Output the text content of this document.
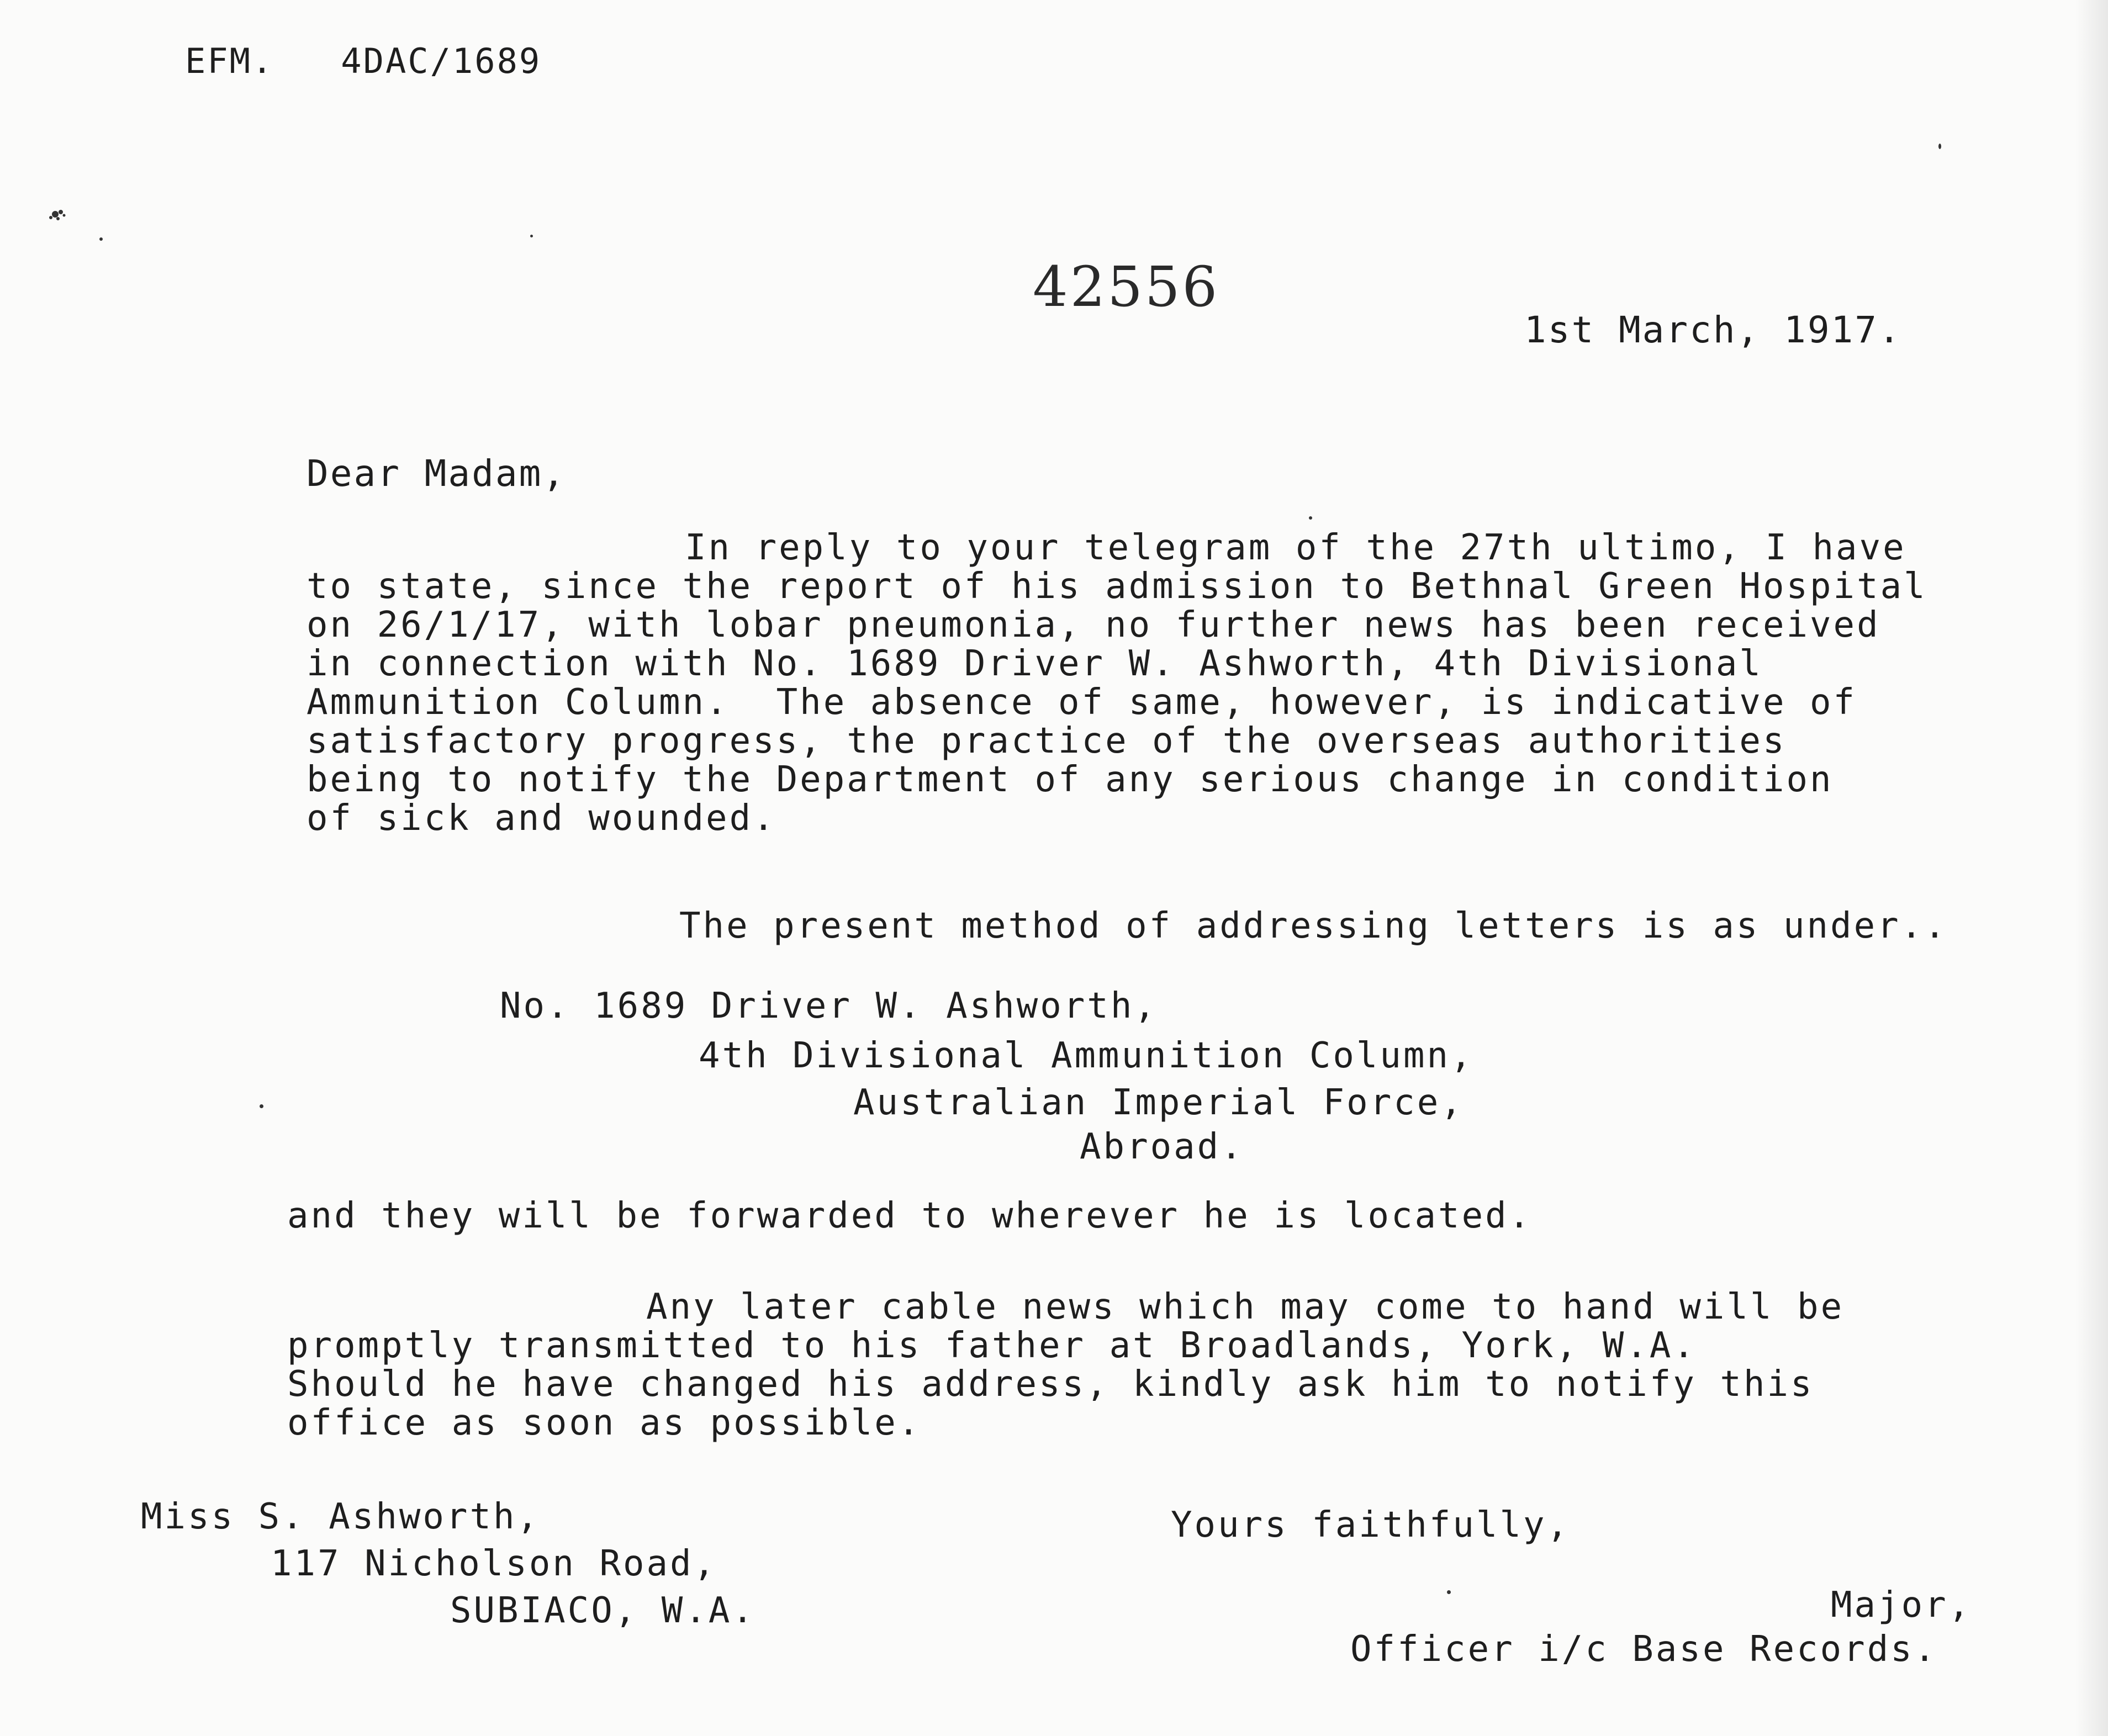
EFM.   4DAC/1689
42556
1st March, 1917.
Dear Madam,
In reply to your telegram of the 27th ultimo, I have
to state, since the report of his admission to Bethnal Green Hospital
on 26/1/17, with lobar pneumonia, no further news has been received
in connection with No. 1689 Driver W. Ashworth, 4th Divisional
Ammunition Column.  The absence of same, however, is indicative of
satisfactory progress, the practice of the overseas authorities
being to notify the Department of any serious change in condition
of sick and wounded.
The present method of addressing letters is as under..
No. 1689 Driver W. Ashworth,
4th Divisional Ammunition Column,
Australian Imperial Force,
Abroad.
and they will be forwarded to wherever he is located.
Any later cable news which may come to hand will be
promptly transmitted to his father at Broadlands, York, W.A.
Should he have changed his address, kindly ask him to notify this
office as soon as possible.
Miss S. Ashworth,
117 Nicholson Road,
SUBIACO, W.A.
Yours faithfully,
Major,
Officer i/c Base Records.
